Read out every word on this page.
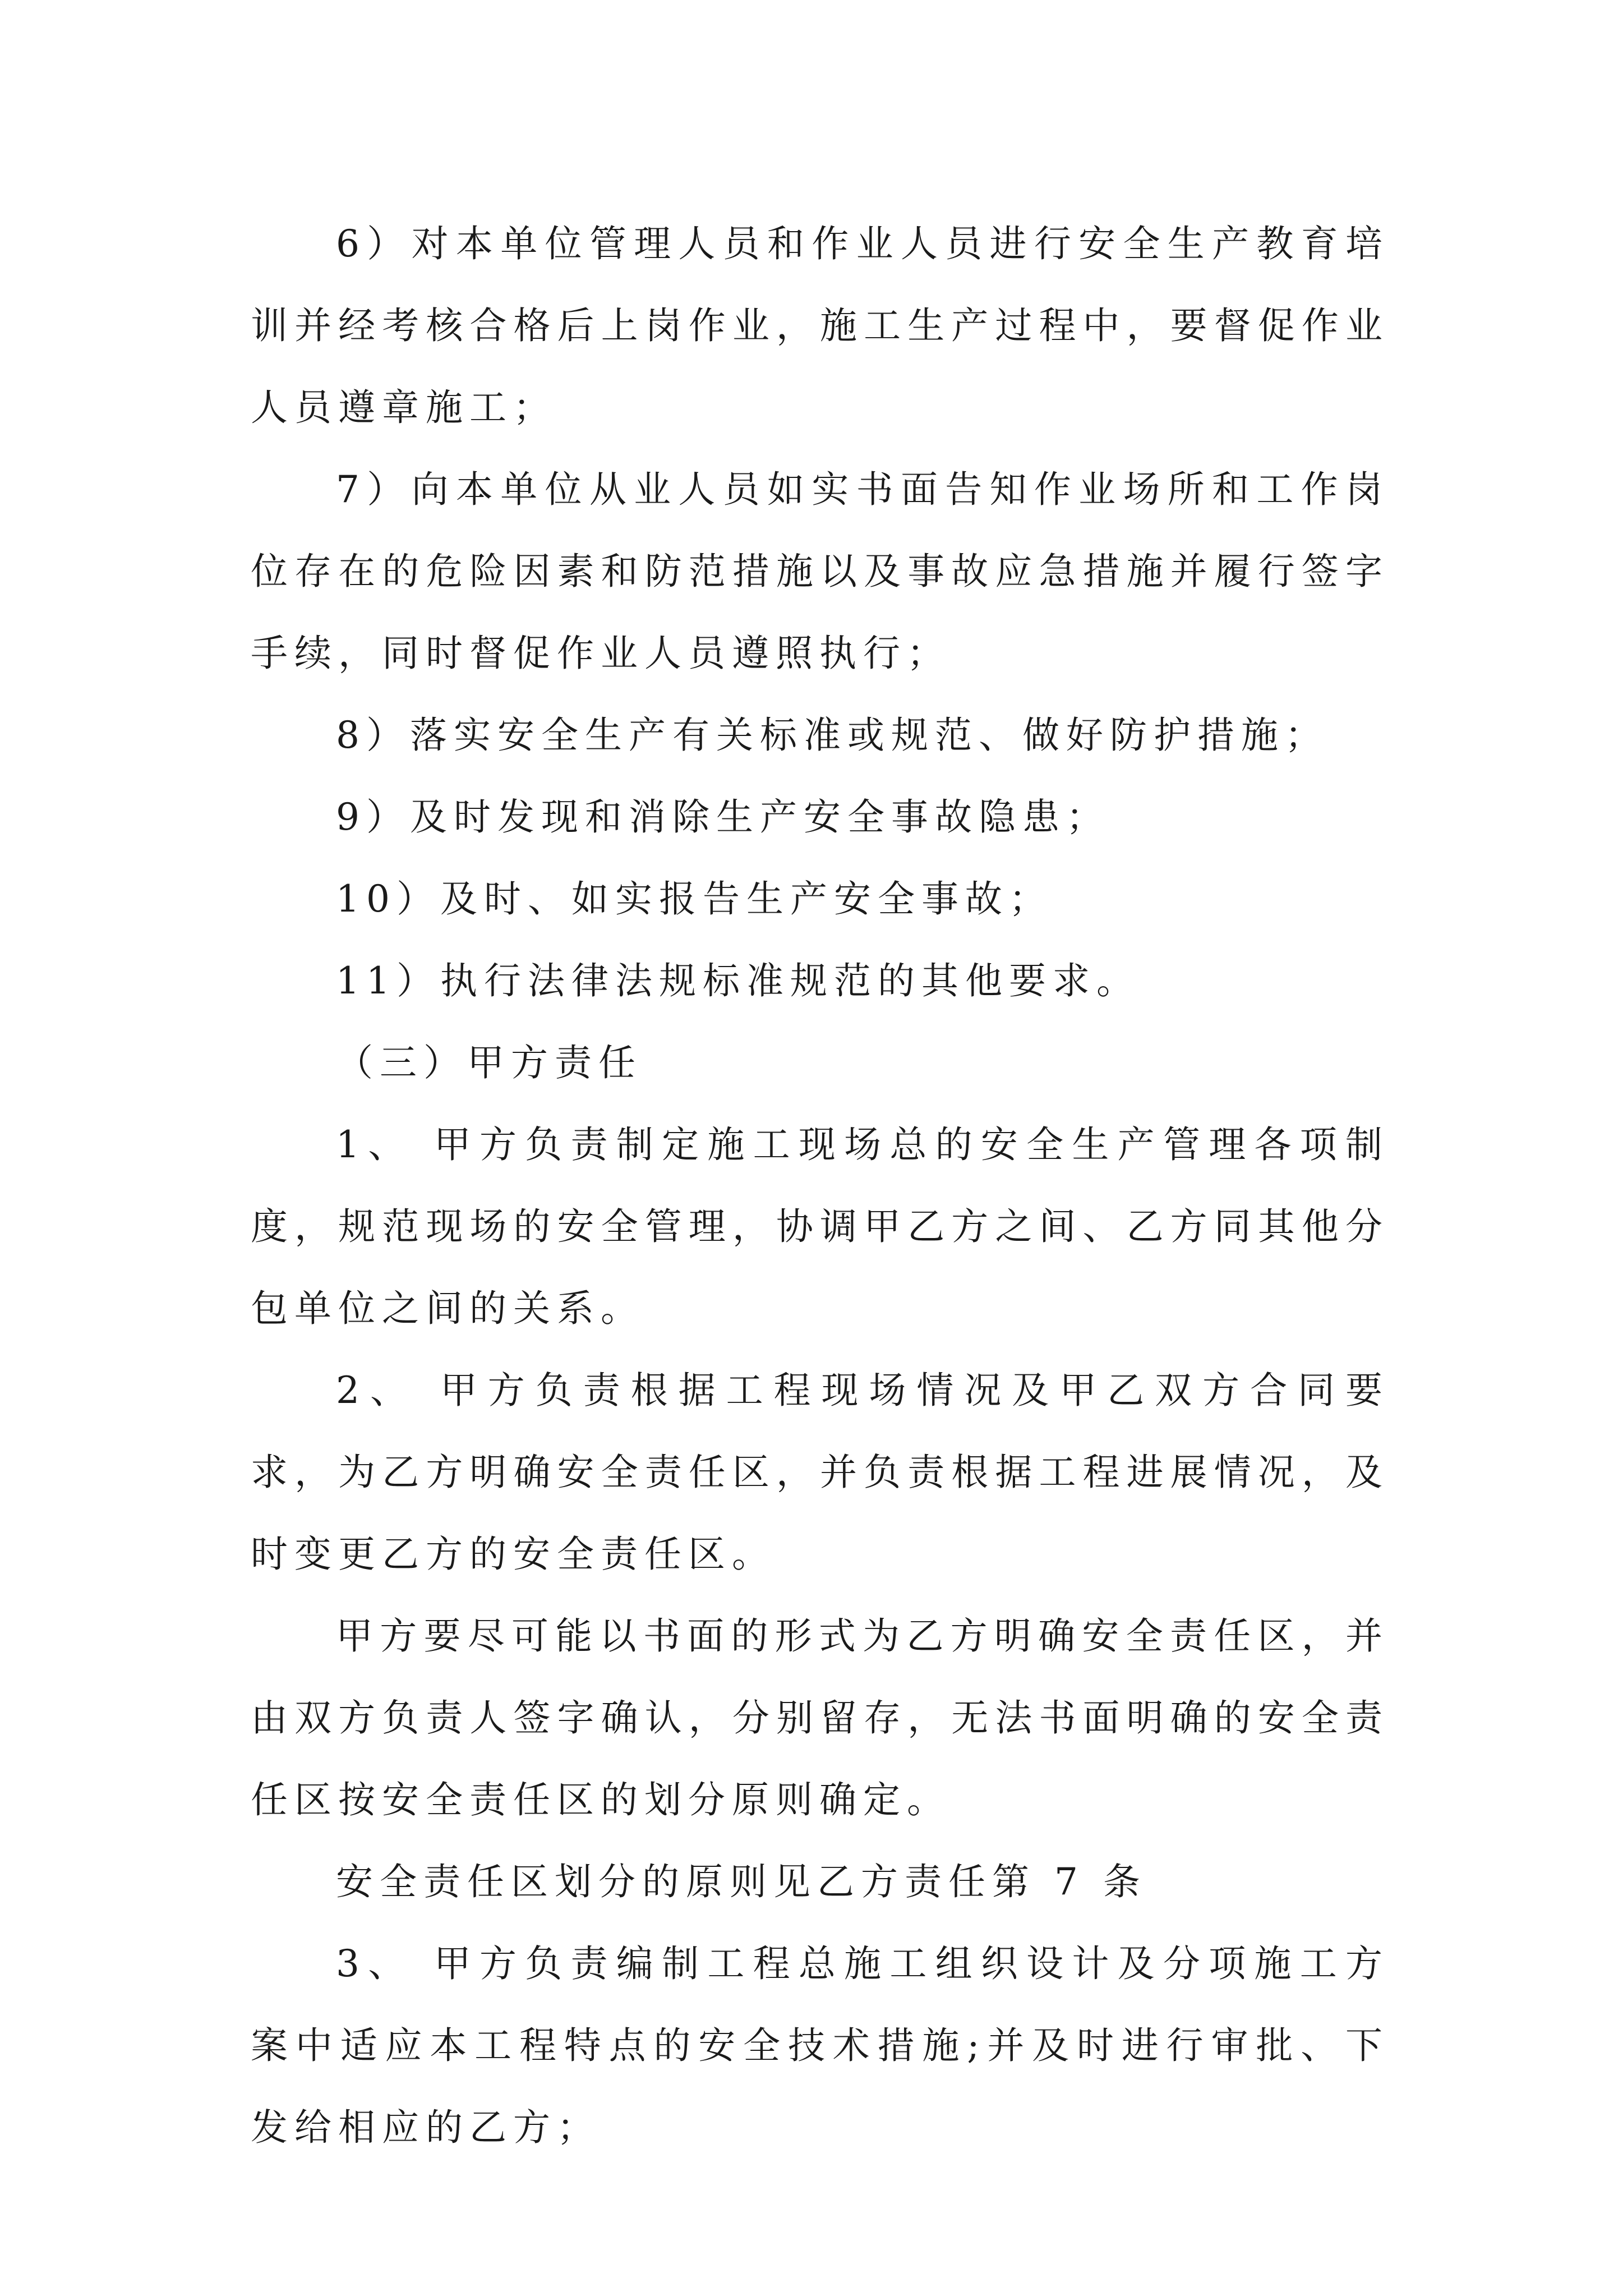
6）对本单位管理人员和作业人员进行安全生产教育培训并经考核合格后上岗作业，施工生产过程中，要督促作业人员遵章施工；

7）向本单位从业人员如实书面告知作业场所和工作岗位存在的危险因素和防范措施以及事故应急措施并履行签字手续，同时督促作业人员遵照执行；

8）落实安全生产有关标准或规范、做好防护措施；

9）及时发现和消除生产安全事故隐患；

10）及时、如实报告生产安全事故；

11）执行法律法规标准规范的其他要求。

（三）甲方责任

1、 甲方负责制定施工现场总的安全生产管理各项制度，规范现场的安全管理，协调甲乙方之间、乙方同其他分包单位之间的关系。

2、 甲方负责根据工程现场情况及甲乙双方合同要求，为乙方明确安全责任区，并负责根据工程进展情况，及时变更乙方的安全责任区。

甲方要尽可能以书面的形式为乙方明确安全责任区，并由双方负责人签字确认，分别留存，无法书面明确的安全责任区按安全责任区的划分原则确定。

安全责任区划分的原则见乙方责任第 7 条

3、 甲方负责编制工程总施工组织设计及分项施工方案中适应本工程特点的安全技术措施;并及时进行审批、下发给相应的乙方；
